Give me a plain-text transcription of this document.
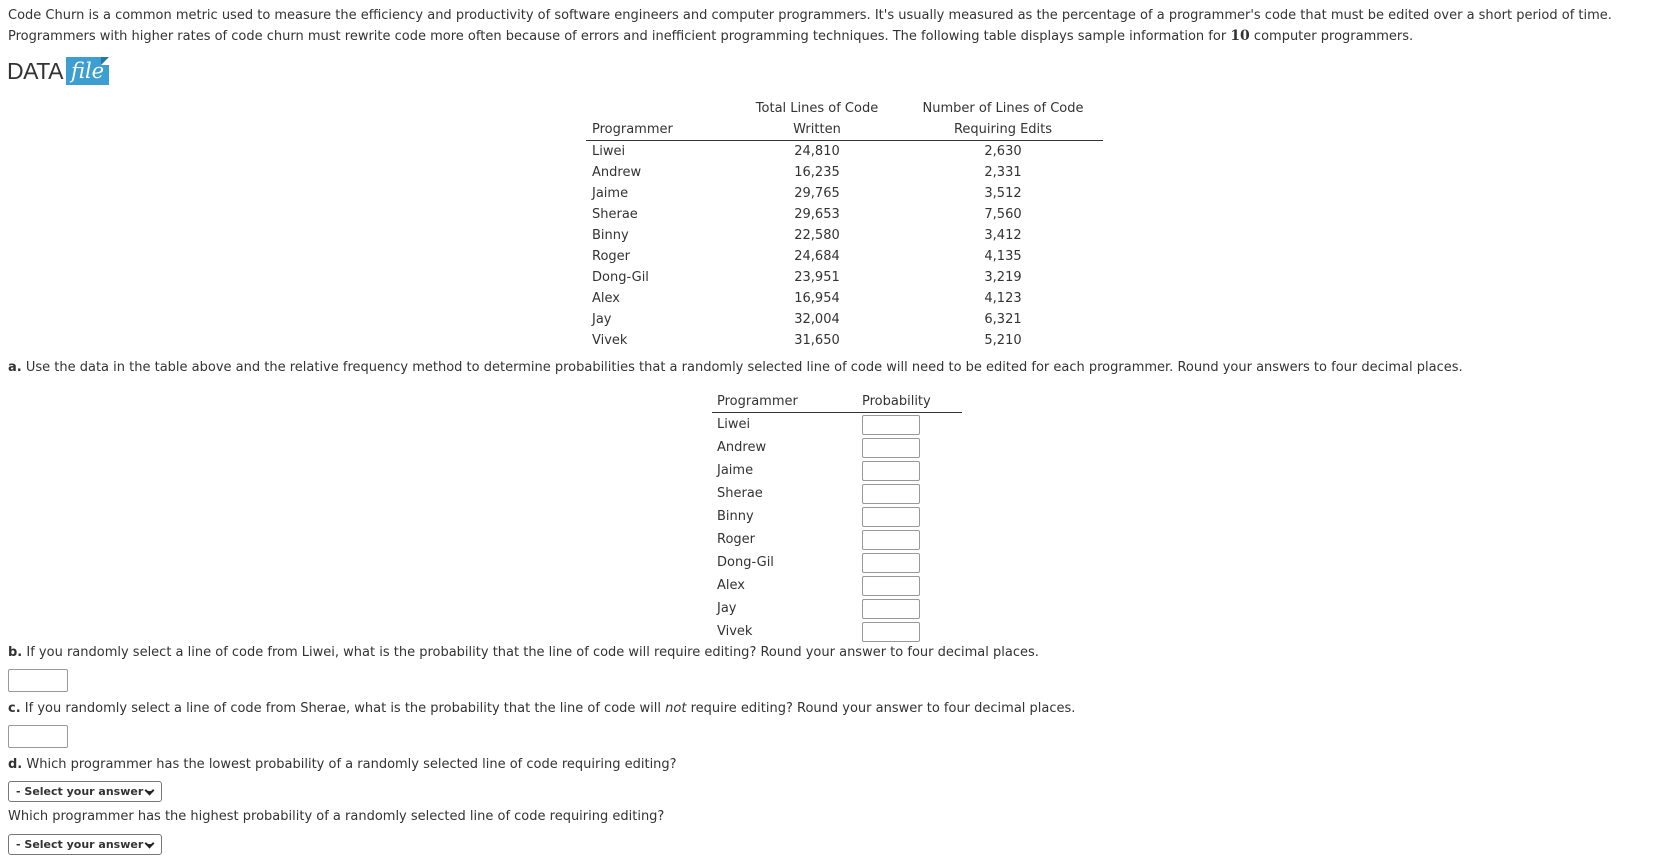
Code Churn is a common metric used to measure the efficiency and productivity of software engineers and computer programmers. It's usually measured as the percentage of a programmer's code that must be edited over a short period of time. Programmers with higher rates of code churn must rewrite code more often because of errors and inefficient programming techniques. The following table displays sample information for 10 computer programmers.

DATA file
	Total Lines of Code	Number of Lines of Code
Programmer	Written	Requiring Edits
Liwei	24,810	2,630
Andrew	16,235	2,331
Jaime	29,765	3,512
Sherae	29,653	7,560
Binny	22,580	3,412
Roger	24,684	4,135
Dong-Gil	23,951	3,219
Alex	16,954	4,123
Jay	32,004	6,321
Vivek	31,650	5,210

a. Use the data in the table above and the relative frequency method to determine probabilities that a randomly selected line of code will need to be edited for each programmer. Round your answers to four decimal places.

Programmer	Probability
Liwei	

Andrew	

Jaime	

Sherae	

Binny	

Roger	

Dong-Gil	

Alex	

Jay	

Vivek	

b. If you randomly select a line of code from Liwei, what is the probability that the line of code will require editing? Round your answer to four decimal places.

c. If you randomly select a line of code from Sherae, what is the probability that the line of code will not require editing? Round your answer to four decimal places.

d. Which programmer has the lowest probability of a randomly selected line of code requiring editing?

- Select your answer -

Which programmer has the highest probability of a randomly selected line of code requiring editing?

- Select your answer -
